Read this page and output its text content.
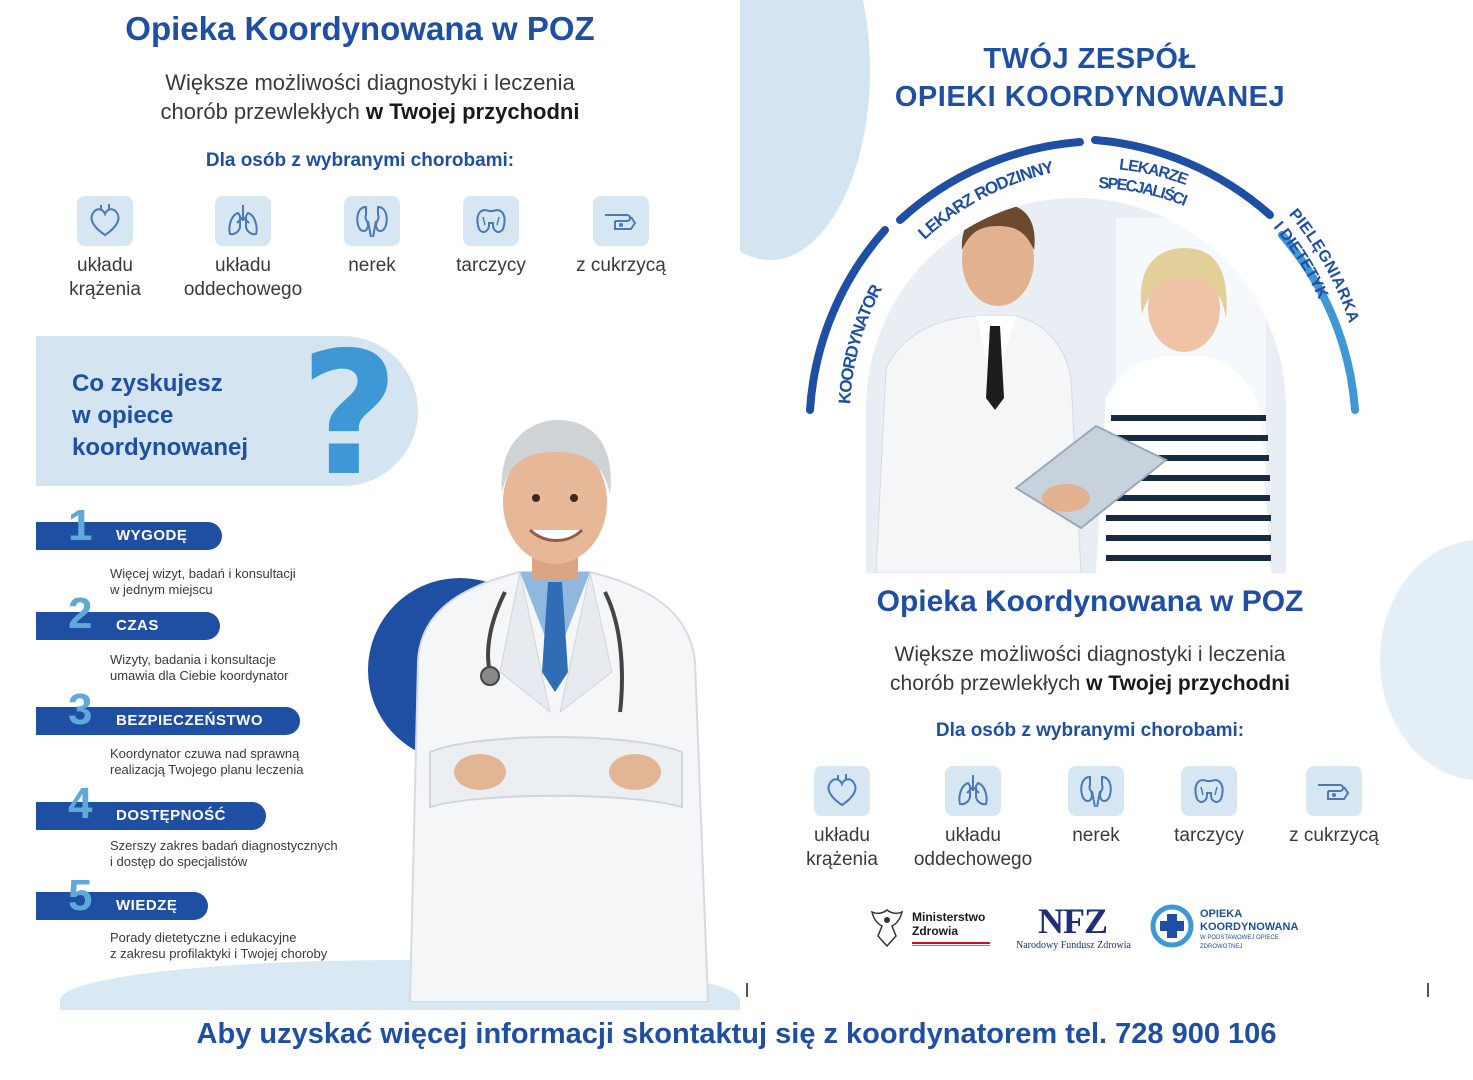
Opieka Koordynowana w POZ
Większe możliwości diagnostyki i leczenia
chorób przewlekłych w Twojej przychodni
Dla osób z wybranymi chorobami:
układu
krążenia
układu
oddechowego
nerek	tarczycy	z cukrzycą
Co zyskujesz
w opiece
koordynowanej ?
WYGODĘ
1
Więcej wizyt, badań i konsultacji
w jednym miejscu
CZAS
2
Wizyty, badania i konsultacje
umawia dla Ciebie koordynator
BEZPIECZEŃSTWO
3
Koordynator czuwa nad sprawną
realizacją Twojego planu leczenia
DOSTĘPNOŚĆ
4
Szerszy zakres badań diagnostycznych
i dostęp do specjalistów
WIEDZĘ
5
Porady dietetyczne i edukacyjne
z zakresu profilaktyki i Twojej choroby
TWÓJ ZESPÓŁ
OPIEKI KOORDYNOWANEJ
KOORDYNATOR
LEKARZ RODZINNY	LEKARZE
SPECJALIŚCI
PIELĘGNIARKA
I DIETETYK
Opieka Koordynowana w POZ
Większe możliwości diagnostyki i leczenia
chorób przewlekłych w Twojej przychodni
Dla osób z wybranymi chorobami:
układu
krążenia
układu
oddechowego
nerek	tarczycy	z cukrzycą
Ministerstwo
Zdrowia	NFZ
Narodowy Fundusz Zdrowia
OPIEKA
KOORDYNOWANA
W PODSTAWOWEJ OPIECE ZDROWOTNEJ
Aby uzyskać więcej informacji skontaktuj się z koordynatorem tel. 728 900 106
